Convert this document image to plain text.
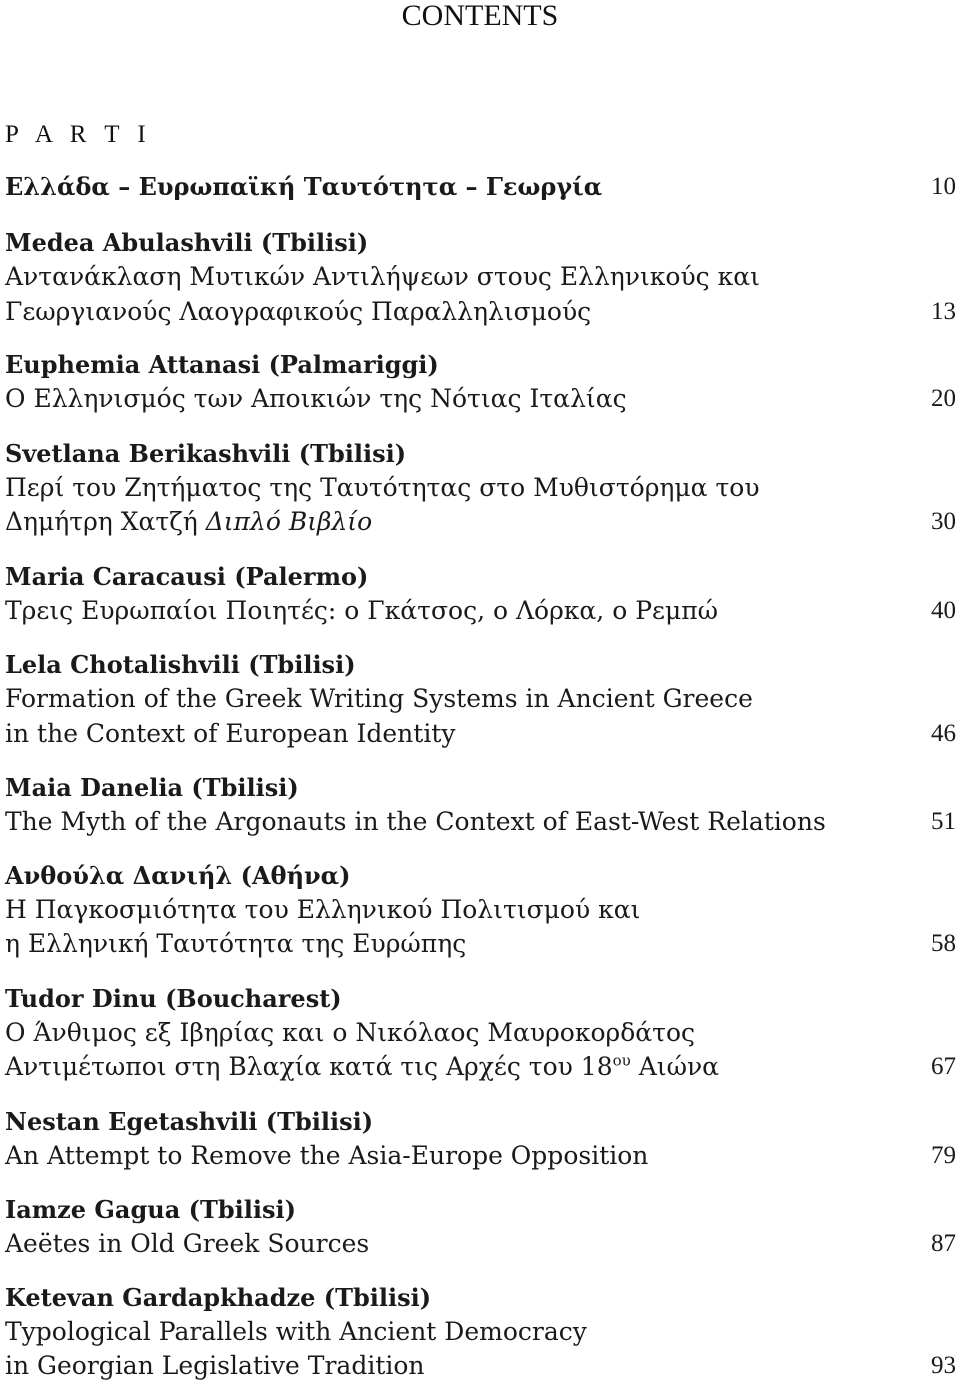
CONTENTS
P A R T I
Ελλάδα – Ευρωπαϊκή Ταυτότητα – Γεωργία	10
Medea Abulashvili (Tbilisi)
Αντανάκλαση Μυτικών Αντιλήψεων στους Ελληνικούς και
Γεωργιανούς Λαογραφικούς Παραλληλισμούς	13
Euphemia Attanasi (Palmariggi)
Ο Ελληνισμός των Αποικιών της Νότιας Ιταλίας	20
Svetlana Berikashvili (Tbilisi)
Περί του Ζητήματος της Ταυτότητας στο Μυθιστόρημα του
Δημήτρη Χατζή Διπλό Βιβλίο	30
Maria Caracausi (Palermo)
Τρεις Ευρωπαίοι Ποιητές: ο Γκάτσος, ο Λόρκα, ο Ρεμπώ	40
Lela Chotalishvili (Tbilisi)
Formation of the Greek Writing Systems in Ancient Greece
in the Context of European Identity	46
Maia Danelia (Tbilisi)
The Myth of the Argonauts in the Context of East-West Relations	51
Ανθούλα Δανιήλ (Αθήνα)
Η Παγκοσμιότητα του Ελληνικού Πολιτισμού και
η Ελληνική Ταυτότητα της Ευρώπης	58
Tudor Dinu (Boucharest)
Ο Άνθιμος εξ Ιβηρίας και ο Νικόλαος Μαυροκορδάτος
Αντιμέτωποι στη Βλαχία κατά τις Αρχές του $18^{o\upsilon}$ Αιώνα	67
Nestan Egetashvili (Tbilisi)
An Attempt to Remove the Asia-Europe Opposition	79
Iamze Gagua (Tbilisi)
Aeëtes in Old Greek Sources	87
Ketevan Gardapkhadze (Tbilisi)
Typological Parallels with Ancient Democracy
in Georgian Legislative Tradition	93
